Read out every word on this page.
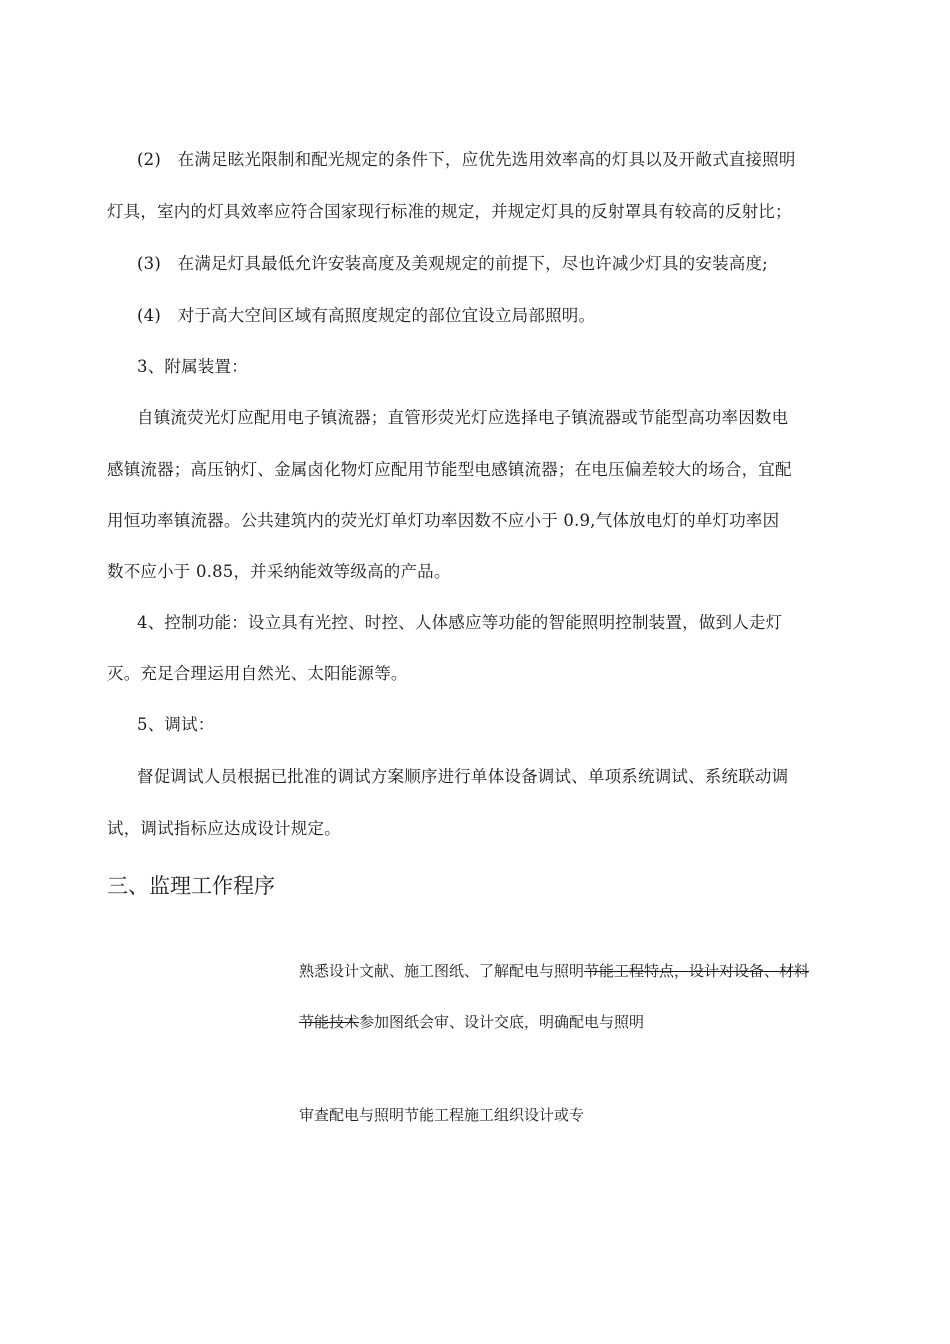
(2)　在满足眩光限制和配光规定的条件下，应优先选用效率高的灯具以及开敞式直接照明
灯具，室内的灯具效率应符合国家现行标准的规定，并规定灯具的反射罩具有较高的反射比；
(3)　在满足灯具最低允许安装高度及美观规定的前提下，尽也许减少灯具的安装高度;
(4)　对于高大空间区域有高照度规定的部位宜设立局部照明。
3、附属装置：
自镇流荧光灯应配用电子镇流器；直管形荧光灯应选择电子镇流器或节能型高功率因数电
感镇流器；高压钠灯、金属卤化物灯应配用节能型电感镇流器；在电压偏差较大的场合，宜配
用恒功率镇流器。公共建筑内的荧光灯单灯功率因数不应小于 0.9,气体放电灯的单灯功率因
数不应小于 0.85，并采纳能效等级高的产品。
4、控制功能：设立具有光控、时控、人体感应等功能的智能照明控制装置，做到人走灯
灭。充足合理运用自然光、太阳能源等。
5、调试：
督促调试人员根据已批准的调试方案顺序进行单体设备调试、单项系统调试、系统联动调
试，调试指标应达成设计规定。
三、监理工作程序
熟悉设计文献、施工图纸、了解配电与照明节能工程特点，设计对设备、材料
节能技术参加图纸会审、设计交底，明确配电与照明
审查配电与照明节能工程施工组织设计或专
